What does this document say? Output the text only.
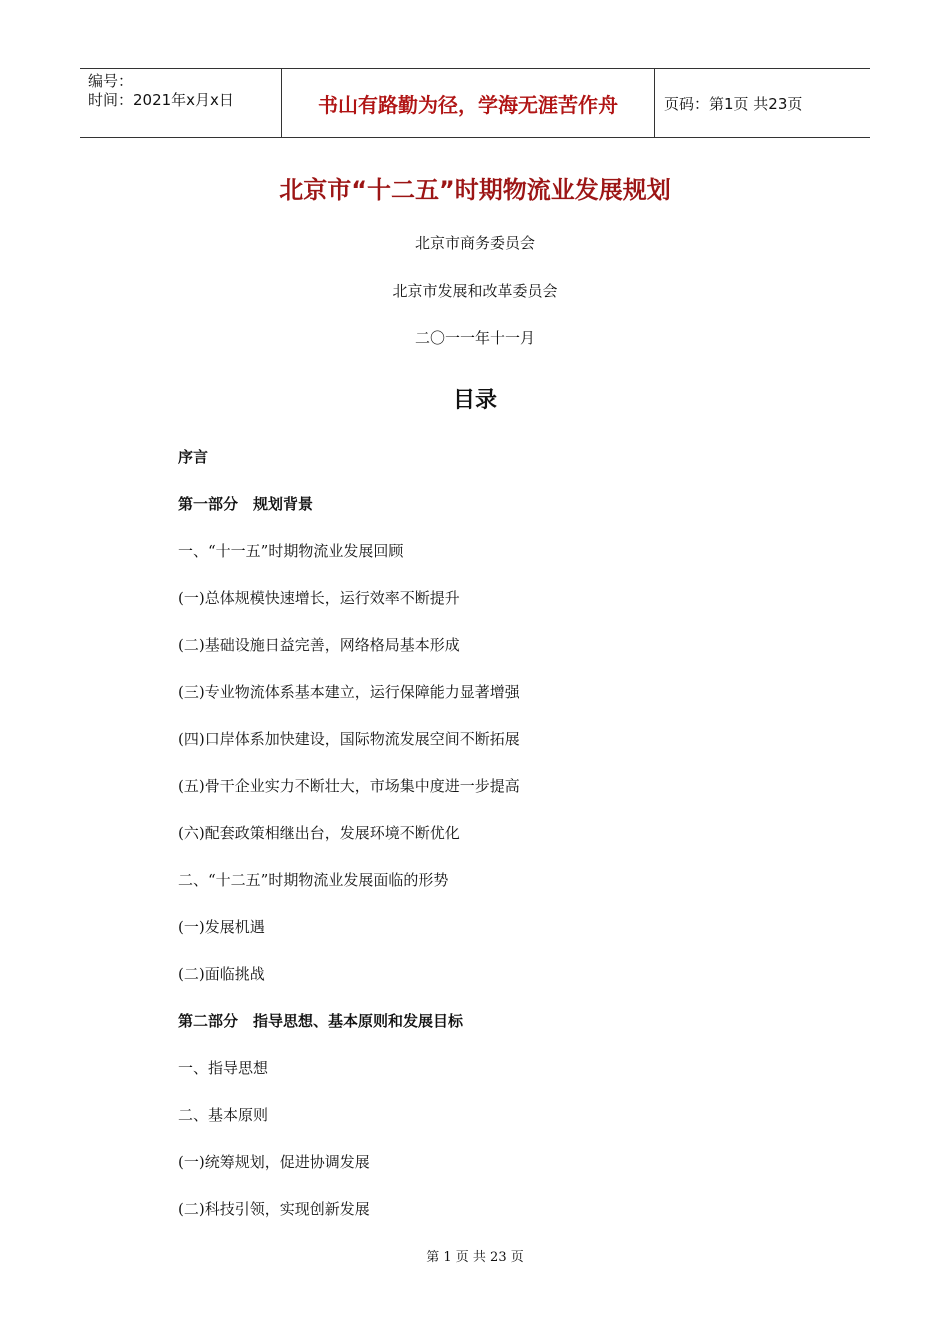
编号：
时间：2021年x月x日	书山有路勤为径，学海无涯苦作舟	页码：第1页 共23页
北京市“十二五”时期物流业发展规划
北京市商务委员会
北京市发展和改革委员会
二〇一一年十一月
目录
序言
第一部分　规划背景
一、“十一五”时期物流业发展回顾
(一)总体规模快速增长，运行效率不断提升
(二)基础设施日益完善，网络格局基本形成
(三)专业物流体系基本建立，运行保障能力显著增强
(四)口岸体系加快建设，国际物流发展空间不断拓展
(五)骨干企业实力不断壮大，市场集中度进一步提高
(六)配套政策相继出台，发展环境不断优化
二、“十二五”时期物流业发展面临的形势
(一)发展机遇
(二)面临挑战
第二部分　指导思想、基本原则和发展目标
一、指导思想
二、基本原则
(一)统筹规划，促进协调发展
(二)科技引领，实现创新发展
第 1 页 共 23 页
